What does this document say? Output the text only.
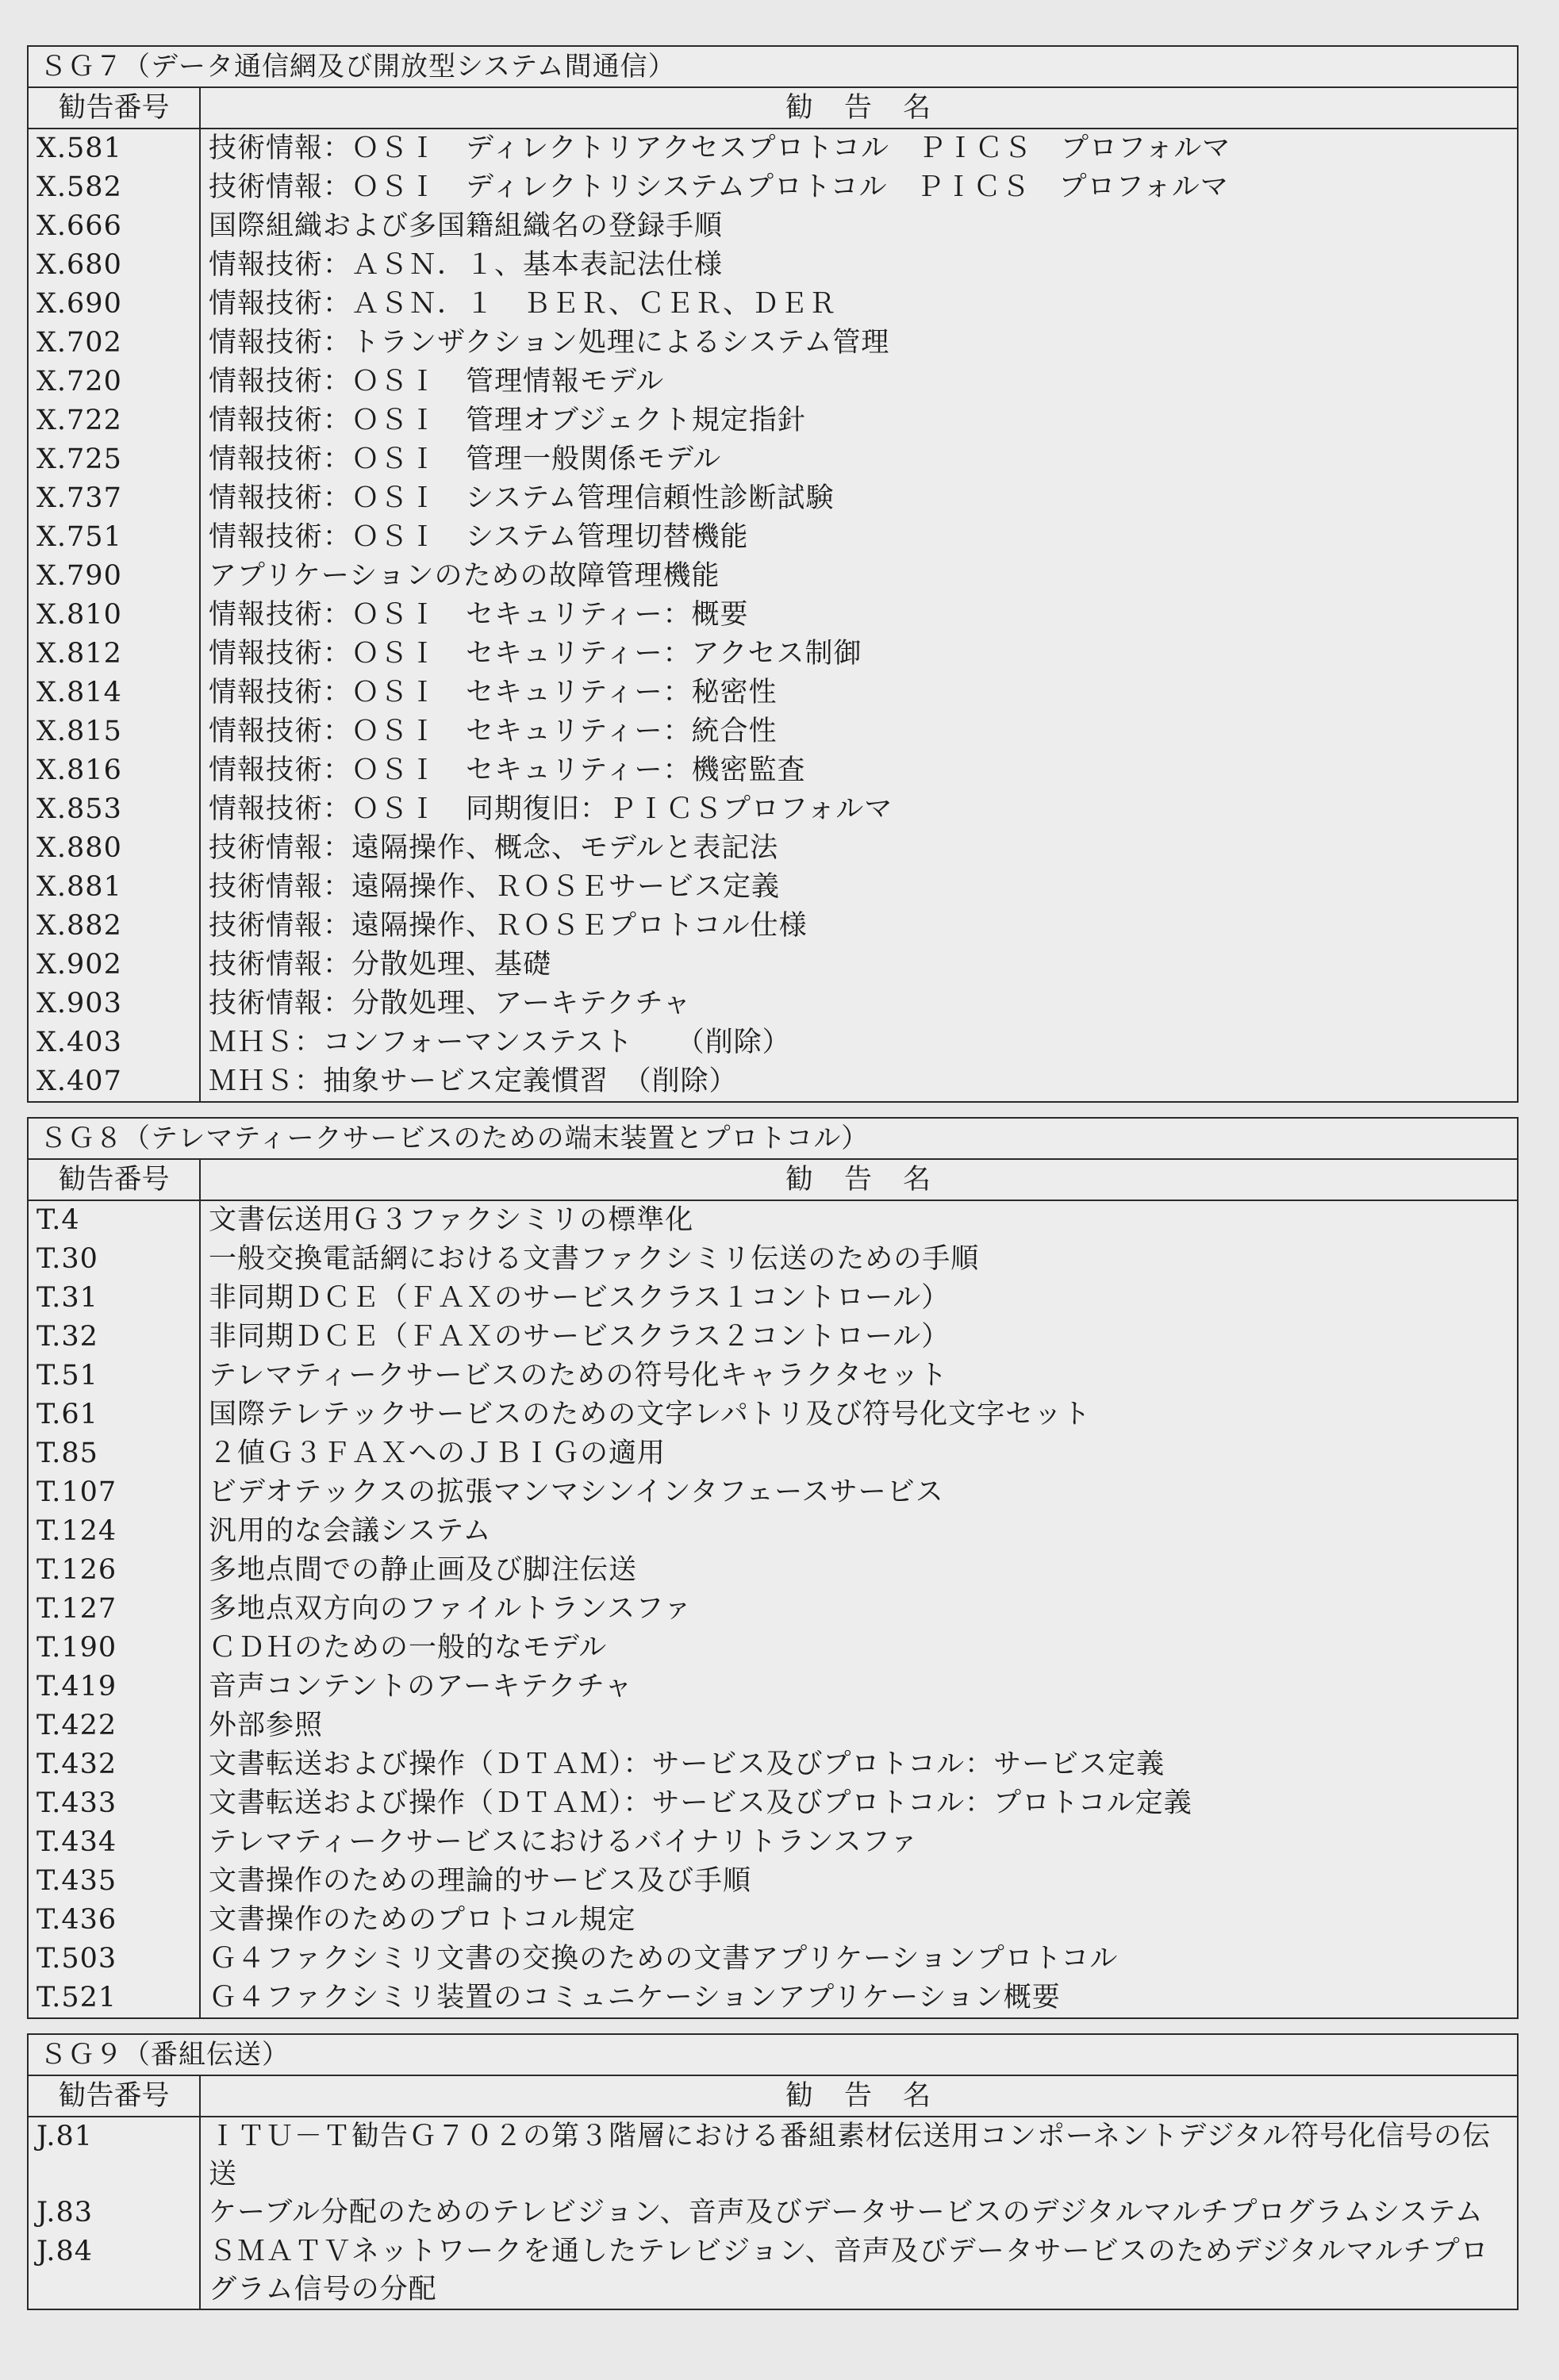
ＳＧ７（データ通信網及び開放型システム間通信）	
勧告番号	勧　告　名
X.581	技術情報：ＯＳＩ　ディレクトリアクセスプロトコル　ＰＩＣＳ　プロフォルマ
X.582	技術情報：ＯＳＩ　ディレクトリシステムプロトコル　ＰＩＣＳ　プロフォルマ
X.666	国際組織および多国籍組織名の登録手順
X.680	情報技術：ＡＳＮ．１、基本表記法仕様
X.690	情報技術：ＡＳＮ．１　ＢＥＲ、ＣＥＲ、ＤＥＲ
X.702	情報技術：トランザクション処理によるシステム管理
X.720	情報技術：ＯＳＩ　管理情報モデル
X.722	情報技術：ＯＳＩ　管理オブジェクト規定指針
X.725	情報技術：ＯＳＩ　管理一般関係モデル
X.737	情報技術：ＯＳＩ　システム管理信頼性診断試験
X.751	情報技術：ＯＳＩ　システム管理切替機能
X.790	アプリケーションのための故障管理機能
X.810	情報技術：ＯＳＩ　セキュリティー：概要
X.812	情報技術：ＯＳＩ　セキュリティー：アクセス制御
X.814	情報技術：ＯＳＩ　セキュリティー：秘密性
X.815	情報技術：ＯＳＩ　セキュリティー：統合性
X.816	情報技術：ＯＳＩ　セキュリティー：機密監査
X.853	情報技術：ＯＳＩ　同期復旧：ＰＩＣＳプロフォルマ
X.880	技術情報：遠隔操作、概念、モデルと表記法
X.881	技術情報：遠隔操作、ＲＯＳＥサービス定義
X.882	技術情報：遠隔操作、ＲＯＳＥプロトコル仕様
X.902	技術情報：分散処理、基礎
X.903	技術情報：分散処理、アーキテクチャ
X.403	ＭＨＳ：コンフォーマンステスト　　（削除）
X.407	ＭＨＳ：抽象サービス定義慣習　（削除）
ＳＧ８（テレマティークサービスのための端末装置とプロトコル）	
勧告番号	勧　告　名
T.4	文書伝送用Ｇ３ファクシミリの標準化
T.30	一般交換電話網における文書ファクシミリ伝送のための手順
T.31	非同期ＤＣＥ（ＦＡＸのサービスクラス１コントロール）
T.32	非同期ＤＣＥ（ＦＡＸのサービスクラス２コントロール）
T.51	テレマティークサービスのための符号化キャラクタセット
T.61	国際テレテックサービスのための文字レパトリ及び符号化文字セット
T.85	２値Ｇ３ＦＡＸへのＪＢＩＧの適用
T.107	ビデオテックスの拡張マンマシンインタフェースサービス
T.124	汎用的な会議システム
T.126	多地点間での静止画及び脚注伝送
T.127	多地点双方向のファイルトランスファ
T.190	ＣＤＨのための一般的なモデル
T.419	音声コンテントのアーキテクチャ
T.422	外部参照
T.432	文書転送および操作（ＤＴＡＭ）：サービス及びプロトコル：サービス定義
T.433	文書転送および操作（ＤＴＡＭ）：サービス及びプロトコル：プロトコル定義
T.434	テレマティークサービスにおけるバイナリトランスファ
T.435	文書操作のための理論的サービス及び手順
T.436	文書操作のためのプロトコル規定
T.503	Ｇ４ファクシミリ文書の交換のための文書アプリケーションプロトコル
T.521	Ｇ４ファクシミリ装置のコミュニケーションアプリケーション概要
ＳＧ９（番組伝送）	
勧告番号	勧　告　名
J.81	ＩＴＵ－Ｔ勧告Ｇ７０２の第３階層における番組素材伝送用コンポーネントデジタル符号化信号の伝送
J.83	ケーブル分配のためのテレビジョン、音声及びデータサービスのデジタルマルチプログラムシステム
J.84	ＳＭＡＴＶネットワークを通したテレビジョン、音声及びデータサービスのためデジタルマルチプログラム信号の分配
